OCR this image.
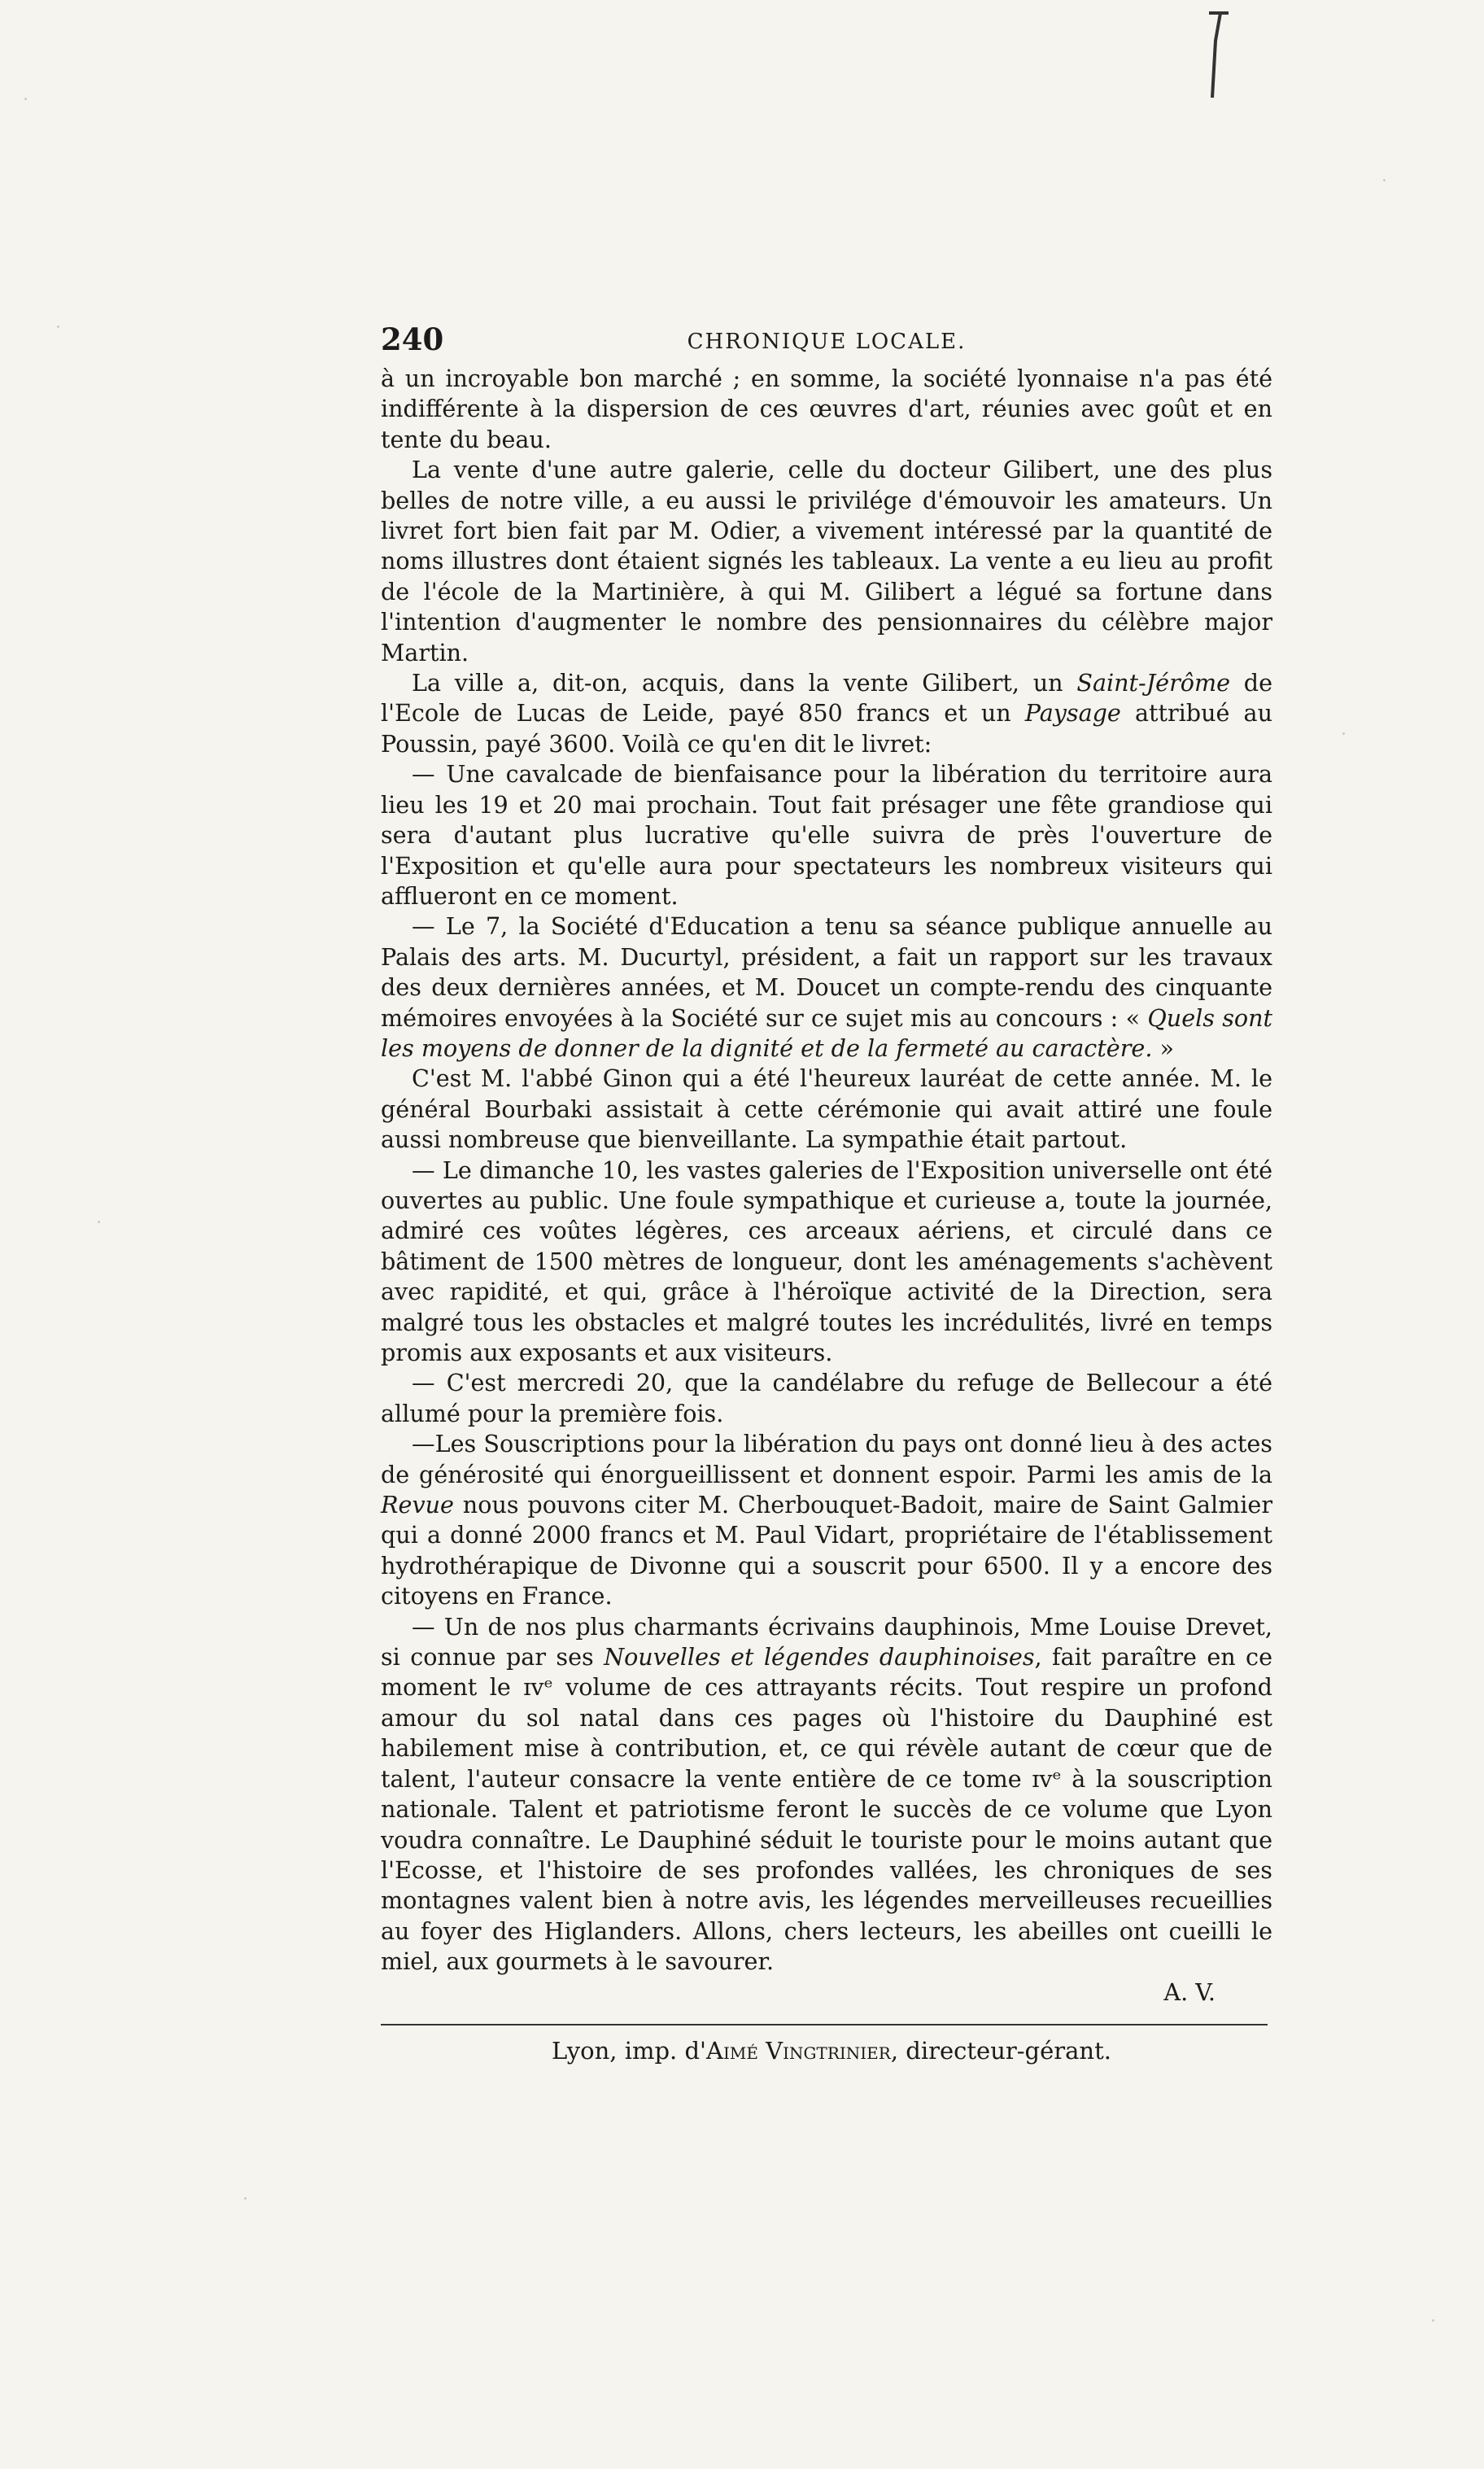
240	CHRONIQUE LOCALE.

à un incroyable bon marché ; en somme, la société lyonnaise n'a pas été indifférente à la dispersion de ces œuvres d'art, réunies avec goût et en tente du beau.

La vente d'une autre galerie, celle du docteur Gilibert, une des plus belles de notre ville, a eu aussi le privilége d'émouvoir les amateurs. Un livret fort bien fait par M. Odier, a vivement intéressé par la quantité de noms illustres dont étaient signés les tableaux. La vente a eu lieu au profit de l'école de la Martinière, à qui M. Gilibert a légué sa fortune dans l'intention d'augmenter le nombre des pensionnaires du célèbre major Martin.

La ville a, dit-on, acquis, dans la vente Gilibert, un Saint-Jérôme de l'Ecole de Lucas de Leide, payé 850 francs et un Paysage attribué au Poussin, payé 3600. Voilà ce qu'en dit le livret:

— Une cavalcade de bienfaisance pour la libération du territoire aura lieu les 19 et 20 mai prochain. Tout fait présager une fête grandiose qui sera d'autant plus lucrative qu'elle suivra de près l'ouverture de l'Exposition et qu'elle aura pour spectateurs les nombreux visiteurs qui afflueront en ce moment.

— Le 7, la Société d'Education a tenu sa séance publique annuelle au Palais des arts. M. Ducurtyl, président, a fait un rapport sur les travaux des deux dernières années, et M. Doucet un compte-rendu des cinquante mémoires envoyées à la Société sur ce sujet mis au concours : « Quels sont les moyens de donner de la dignité et de la fermeté au caractère. »

C'est M. l'abbé Ginon qui a été l'heureux lauréat de cette année. M. le général Bourbaki assistait à cette cérémonie qui avait attiré une foule aussi nombreuse que bienveillante. La sympathie était partout.

— Le dimanche 10, les vastes galeries de l'Exposition universelle ont été ouvertes au public. Une foule sympathique et curieuse a, toute la journée, admiré ces voûtes légères, ces arceaux aériens, et circulé dans ce bâtiment de 1500 mètres de longueur, dont les aménagements s'achèvent avec rapidité, et qui, grâce à l'héroïque activité de la Direction, sera malgré tous les obstacles et malgré toutes les incrédulités, livré en temps promis aux exposants et aux visiteurs.

— C'est mercredi 20, que la candélabre du refuge de Bellecour a été allumé pour la première fois.

—Les Souscriptions pour la libération du pays ont donné lieu à des actes de générosité qui énorgueillissent et donnent espoir. Parmi les amis de la Revue nous pouvons citer M. Cherbouquet-Badoit, maire de Saint Galmier qui a donné 2000 francs et M. Paul Vidart, propriétaire de l'établissement hydrothérapique de Divonne qui a souscrit pour 6500. Il y a encore des citoyens en France.

— Un de nos plus charmants écrivains dauphinois, Mme Louise Drevet, si connue par ses Nouvelles et légendes dauphinoises, fait paraître en ce moment le ɪᴠᵉ volume de ces attrayants récits. Tout respire un profond amour du sol natal dans ces pages où l'histoire du Dauphiné est habilement mise à contribution, et, ce qui révèle autant de cœur que de talent, l'auteur consacre la vente entière de ce tome ɪᴠᵉ à la souscription nationale. Talent et patriotisme feront le succès de ce volume que Lyon voudra connaître. Le Dauphiné séduit le touriste pour le moins autant que l'Ecosse, et l'histoire de ses profondes vallées, les chroniques de ses montagnes valent bien à notre avis, les légendes merveilleuses recueillies au foyer des Higlanders. Allons, chers lecteurs, les abeilles ont cueilli le miel, aux gourmets à le savourer.

A. V.

Lyon, imp. d'Aimé Vingtrinier, directeur-gérant.
